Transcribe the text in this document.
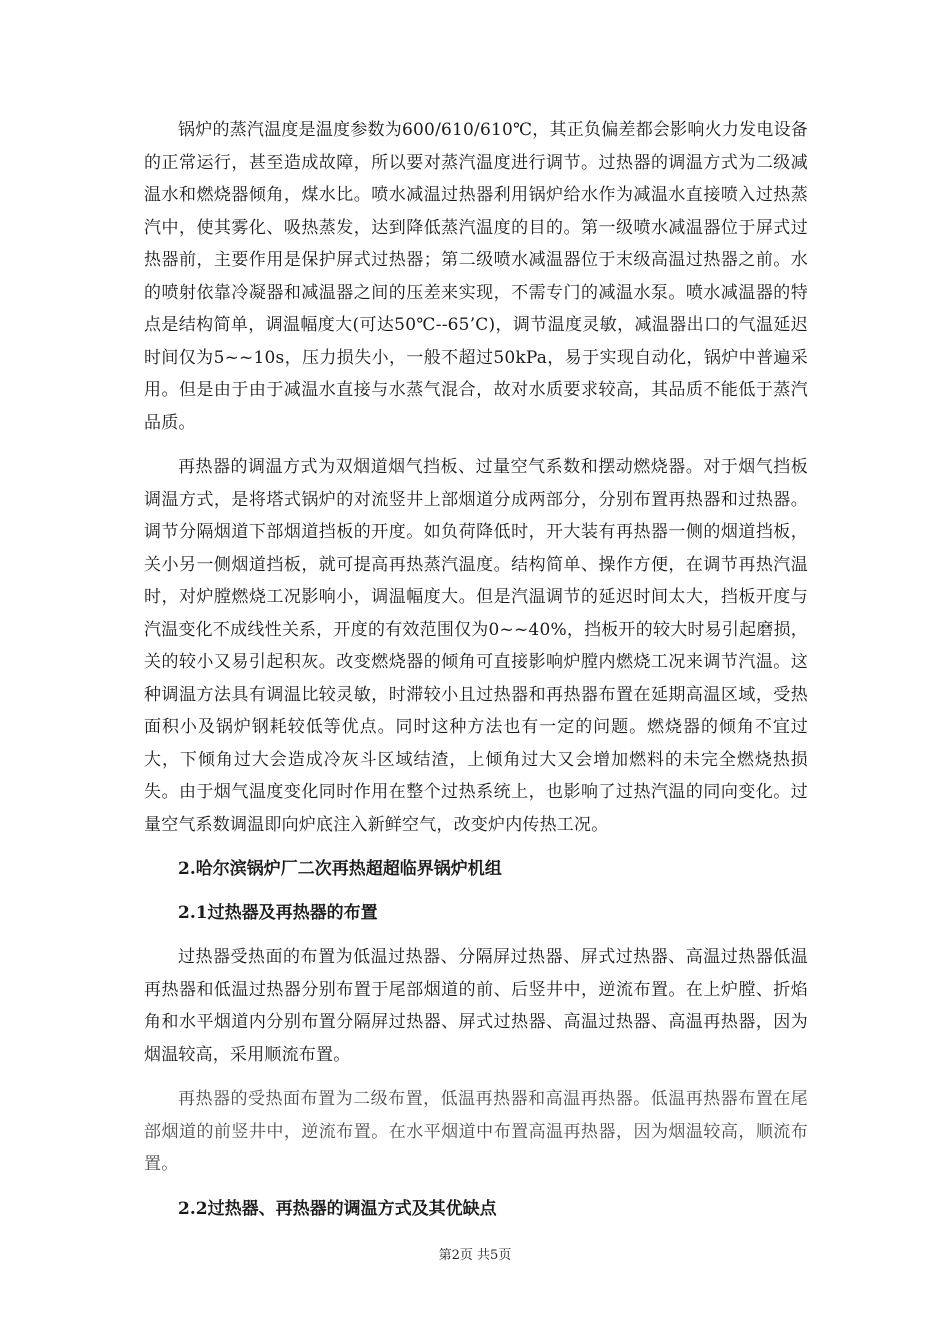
锅炉的蒸汽温度是温度参数为600/610/610℃，其正负偏差都会影响火力发电设备的正常运行，甚至造成故障，所以要对蒸汽温度进行调节。过热器的调温方式为二级减温水和燃烧器倾角，煤水比。喷水减温过热器利用锅炉给水作为减温水直接喷入过热蒸汽中，使其雾化、吸热蒸发，达到降低蒸汽温度的目的。第一级喷水减温器位于屏式过热器前，主要作用是保护屏式过热器；第二级喷水减温器位于末级高温过热器之前。水的喷射依靠冷凝器和减温器之间的压差来实现，不需专门的减温水泵。喷水减温器的特点是结构简单，调温幅度大(可达50℃--65’C)，调节温度灵敏，减温器出口的气温延迟时间仅为5~~10s，压力损失小，一般不超过50kPa，易于实现自动化，锅炉中普遍采用。但是由于由于减温水直接与水蒸气混合，故对水质要求较高，其品质不能低于蒸汽品质。

再热器的调温方式为双烟道烟气挡板、过量空气系数和摆动燃烧器。对于烟气挡板调温方式，是将塔式锅炉的对流竖井上部烟道分成两部分，分别布置再热器和过热器。调节分隔烟道下部烟道挡板的开度。如负荷降低时，开大装有再热器一侧的烟道挡板，关小另一侧烟道挡板，就可提高再热蒸汽温度。结构简单、操作方便，在调节再热汽温时，对炉膛燃烧工况影响小，调温幅度大。但是汽温调节的延迟时间太大，挡板开度与汽温变化不成线性关系，开度的有效范围仅为0~~40%，挡板开的较大时易引起磨损，关的较小又易引起积灰。改变燃烧器的倾角可直接影响炉膛内燃烧工况来调节汽温。这种调温方法具有调温比较灵敏，时滞较小且过热器和再热器布置在延期高温区域，受热面积小及锅炉钢耗较低等优点。同时这种方法也有一定的问题。燃烧器的倾角不宜过大，下倾角过大会造成冷灰斗区域结渣，上倾角过大又会增加燃料的未完全燃烧热损失。由于烟气温度变化同时作用在整个过热系统上，也影响了过热汽温的同向变化。过量空气系数调温即向炉底注入新鲜空气，改变炉内传热工况。

2.哈尔滨锅炉厂二次再热超超临界锅炉机组
2.1过热器及再热器的布置

过热器受热面的布置为低温过热器、分隔屏过热器、屏式过热器、高温过热器低温再热器和低温过热器分别布置于尾部烟道的前、后竖井中，逆流布置。在上炉膛、折焰角和水平烟道内分别布置分隔屏过热器、屏式过热器、高温过热器、高温再热器，因为烟温较高，采用顺流布置。

再热器的受热面布置为二级布置，低温再热器和高温再热器。低温再热器布置在尾部烟道的前竖井中，逆流布置。在水平烟道中布置高温再热器，因为烟温较高，顺流布置。

2.2过热器、再热器的调温方式及其优缺点
第2页 共5页
